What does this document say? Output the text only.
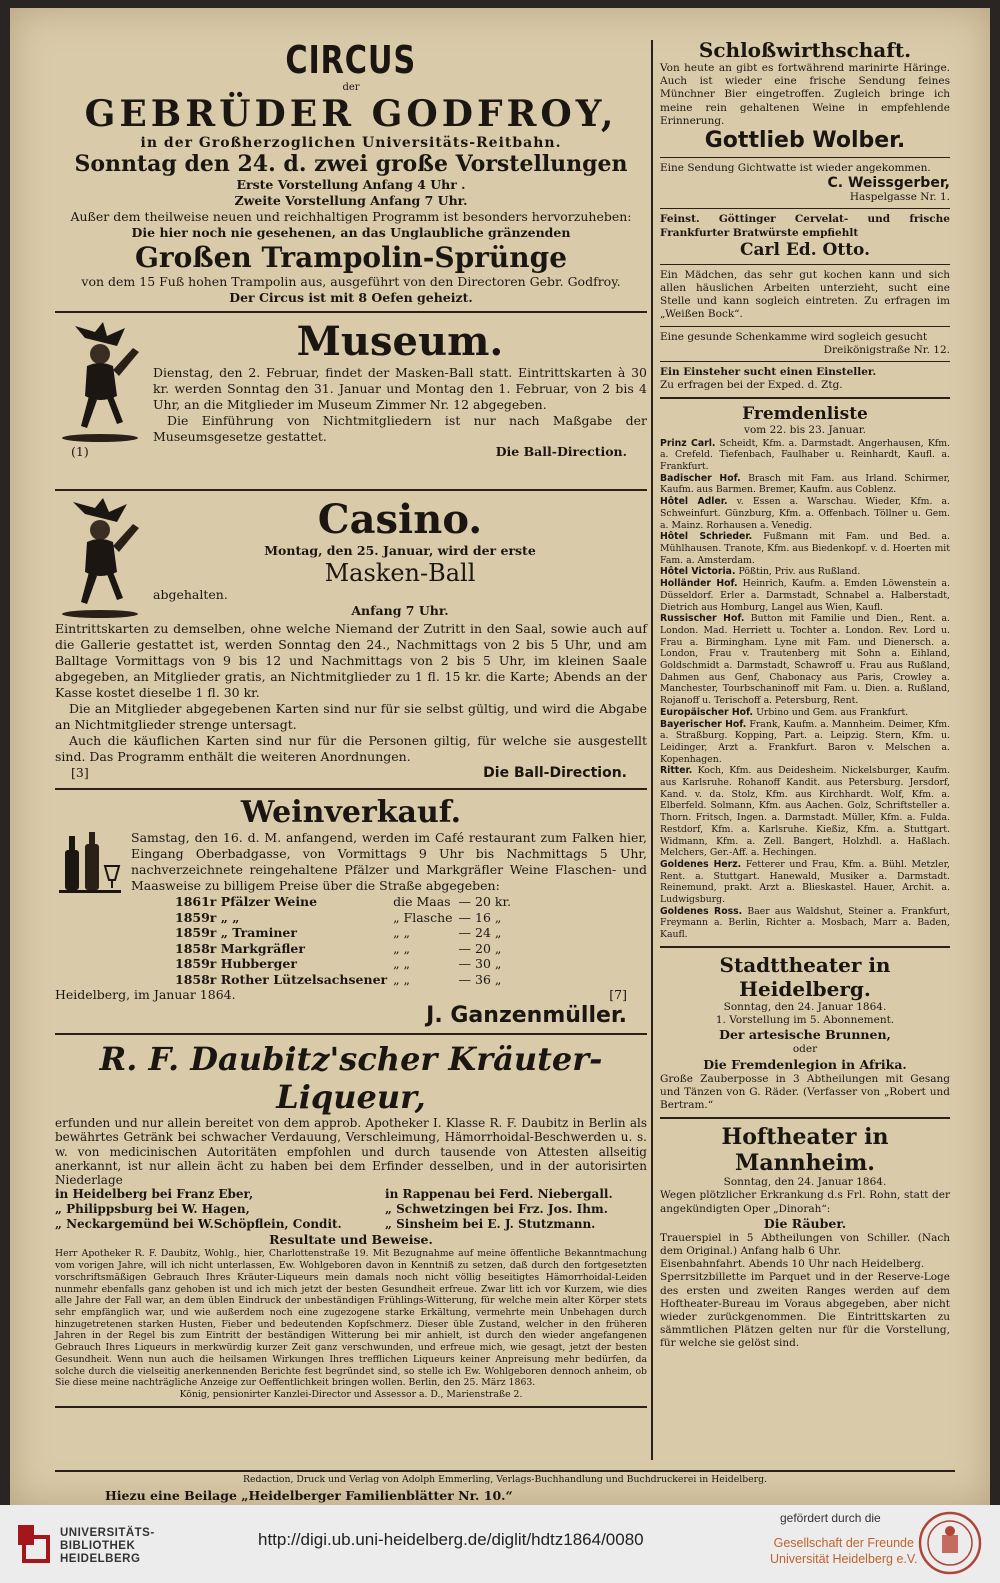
CIRCUS
der
GEBRÜDER GODFROY,
in der Großherzoglichen Universitäts-Reitbahn.
Sonntag den 24. d. zwei große Vorstellungen
Erste Vorstellung Anfang 4 Uhr .
Zweite Vorstellung Anfang 7 Uhr.
Außer dem theilweise neuen und reichhaltigen Programm ist besonders hervorzuheben:
Die hier noch nie gesehenen, an das Unglaubliche gränzenden
Großen Trampolin-Sprünge
von dem 15 Fuß hohen Trampolin aus, ausgeführt von den Directoren Gebr. Godfroy.
Der Circus ist mit 8 Oefen geheizt.
Museum.
Dienstag, den 2. Februar, findet der Masken-Ball statt. Eintrittskarten à 30 kr. werden Sonntag den 31. Januar und Montag den 1. Februar, von 2 bis 4 Uhr, an die Mitglieder im Museum Zimmer Nr. 12 abgegeben.
Die Einführung von Nichtmitgliedern ist nur nach Maßgabe der Museumsgesetze gestattet.
(1)	Die Ball-Direction.
Casino.
Montag, den 25. Januar, wird der erste
Masken-Ball
abgehalten.
Anfang 7 Uhr.
Eintrittskarten zu demselben, ohne welche Niemand der Zutritt in den Saal, sowie auch auf die Gallerie gestattet ist, werden Sonntag den 24., Nachmittags von 2 bis 5 Uhr, und am Balltage Vormittags von 9 bis 12 und Nachmittags von 2 bis 5 Uhr, im kleinen Saale abgegeben, an Mitglieder gratis, an Nichtmitglieder zu 1 fl. 15 kr. die Karte; Abends an der Kasse kostet dieselbe 1 fl. 30 kr.
Die an Mitglieder abgegebenen Karten sind nur für sie selbst gültig, und wird die Abgabe an Nichtmitglieder strenge untersagt.
Auch die käuflichen Karten sind nur für die Personen giltig, für welche sie ausgestellt sind. Das Programm enthält die weiteren Anordnungen.
[3]	Die Ball-Direction.
Weinverkauf.
Samstag, den 16. d. M. anfangend, werden im Café restaurant zum Falken hier, Eingang Oberbadgasse, von Vormittags 9 Uhr bis Nachmittags 5 Uhr, nachverzeichnete reingehaltene Pfälzer und Markgräfler Weine Flaschen- und Maasweise zu billigem Preise über die Straße abgegeben:
1861r Pfälzer Weine	die Maas	— 20 kr.
1859r „ „	„ Flasche	— 16 „
1859r „ Traminer	„ „	— 24 „
1858r Markgräfler	„ „	— 20 „
1859r Hubberger	„ „	— 30 „
1858r Rother Lützelsachsener	„ „	— 36 „
Heidelberg, im Januar 1864.	[7]
J. Ganzenmüller.
R. F. Daubitz'scher Kräuter-Liqueur,
erfunden und nur allein bereitet von dem approb. Apotheker I. Klasse R. F. Daubitz in Berlin als bewährtes Getränk bei schwacher Verdauung, Verschleimung, Hämorrhoidal-Beschwerden u. s. w. von medicinischen Autoritäten empfohlen und durch tausende von Attesten allseitig anerkannt, ist nur allein ächt zu haben bei dem Erfinder desselben, und in der autorisirten Niederlage
in Heidelberg bei Franz Eber,	in Rappenau bei Ferd. Niebergall.
„ Philippsburg bei W. Hagen,	„ Schwetzingen bei Frz. Jos. Ihm.
„ Neckargemünd bei W.Schöpflein, Condit.	„ Sinsheim bei E. J. Stutzmann.
Resultate und Beweise.
Herr Apotheker R. F. Daubitz, Wohlg., hier, Charlottenstraße 19. Mit Bezugnahme auf meine öffentliche Bekanntmachung vom vorigen Jahre, will ich nicht unterlassen, Ew. Wohlgeboren davon in Kenntniß zu setzen, daß durch den fortgesetzten vorschriftsmäßigen Gebrauch Ihres Kräuter-Liqueurs mein damals noch nicht völlig beseitigtes Hämorrhoidal-Leiden nunmehr ebenfalls ganz gehoben ist und ich mich jetzt der besten Gesundheit erfreue. Zwar litt ich vor Kurzem, wie dies alle Jahre der Fall war, an dem üblen Eindruck der unbeständigen Frühlings-Witterung, für welche mein alter Körper stets sehr empfänglich war, und wie außerdem noch eine zugezogene starke Erkältung, vermehrte mein Unbehagen durch hinzugetretenen starken Husten, Fieber und bedeutenden Kopfschmerz. Dieser üble Zustand, welcher in den früheren Jahren in der Regel bis zum Eintritt der beständigen Witterung bei mir anhielt, ist durch den wieder angefangenen Gebrauch Ihres Liqueurs in merkwürdig kurzer Zeit ganz verschwunden, und erfreue mich, wie gesagt, jetzt der besten Gesundheit. Wenn nun auch die heilsamen Wirkungen Ihres trefflichen Liqueurs keiner Anpreisung mehr bedürfen, da solche durch die vielseitig anerkennenden Berichte fest begründet sind, so stelle ich Ew. Wohlgeboren dennoch anheim, ob Sie diese meine nachträgliche Anzeige zur Oeffentlichkeit bringen wollen. Berlin, den 25. März 1863.
König, pensionirter Kanzlei-Director und Assessor a. D., Marienstraße 2.
Schloßwirthschaft.
Von heute an gibt es fortwährend marinirte Häringe. Auch ist wieder eine frische Sendung feines Münchner Bier eingetroffen. Zugleich bringe ich meine rein gehaltenen Weine in empfehlende Erinnerung.
Gottlieb Wolber.
Eine Sendung Gichtwatte ist wieder angekommen.
C. Weissgerber,
Haspelgasse Nr. 1.
Feinst. Göttinger Cervelat- und frische Frankfurter Bratwürste empfiehlt
Carl Ed. Otto.
Ein Mädchen, das sehr gut kochen kann und sich allen häuslichen Arbeiten unterzieht, sucht eine Stelle und kann sogleich eintreten. Zu erfragen im „Weißen Bock“.
Eine gesunde Schenkamme wird sogleich gesucht
Dreikönigstraße Nr. 12.
Ein Einsteher sucht einen Einsteller.
Zu erfragen bei der Exped. d. Ztg.
Fremdenliste
vom 22. bis 23. Januar.
Prinz Carl. Scheidt, Kfm. a. Darmstadt. Angerhausen, Kfm. a. Crefeld. Tiefenbach, Faulhaber u. Reinhardt, Kaufl. a. Frankfurt.
Badischer Hof. Brasch mit Fam. aus Irland. Schirmer, Kaufm. aus Barmen. Bremer, Kaufm. aus Coblenz.
Hôtel Adler. v. Essen a. Warschau. Wieder, Kfm. a. Schweinfurt. Günzburg, Kfm. a. Offenbach. Töllner u. Gem. a. Mainz. Rorhausen a. Venedig.
Hôtel Schrieder. Fußmann mit Fam. und Bed. a. Mühlhausen. Tranote, Kfm. aus Biedenkopf. v. d. Hoerten mit Fam. a. Amsterdam.
Hôtel Victoria. Pößtin, Priv. aus Rußland.
Holländer Hof. Heinrich, Kaufm. a. Emden Löwenstein a. Düsseldorf. Erler a. Darmstadt, Schnabel a. Halberstadt, Dietrich aus Homburg, Langel aus Wien, Kaufl.
Russischer Hof. Button mit Familie und Dien., Rent. a. London. Mad. Herriett u. Tochter a. London. Rev. Lord u. Frau a. Birmingham. Lyne mit Fam. und Dienersch. a. London, Frau v. Trautenberg mit Sohn a. Eihland, Goldschmidt a. Darmstadt, Schawroff u. Frau aus Rußland, Dahmen aus Genf, Chabonacy aus Paris, Crowley a. Manchester, Tourbschaninoff mit Fam. u. Dien. a. Rußland, Rojanoff u. Terischoff a. Petersburg, Rent.
Europäischer Hof. Urbino und Gem. aus Frankfurt.
Bayerischer Hof. Frank, Kaufm. a. Mannheim. Deimer, Kfm. a. Straßburg. Kopping, Part. a. Leipzig. Stern, Kfm. u. Leidinger, Arzt a. Frankfurt. Baron v. Melschen a. Kopenhagen.
Ritter. Koch, Kfm. aus Deidesheim. Nickelsburger, Kaufm. aus Karlsruhe. Rohanoff Kandit. aus Petersburg. Jersdorf, Kand. v. da. Stolz, Kfm. aus Kirchhardt. Wolf, Kfm. a. Elberfeld. Solmann, Kfm. aus Aachen. Golz, Schriftsteller a. Thorn. Fritsch, Ingen. a. Darmstadt. Müller, Kfm. a. Fulda. Restdorf, Kfm. a. Karlsruhe. Kießiz, Kfm. a. Stuttgart. Widmann, Kfm. a. Zell. Bangert, Holzhdl. a. Haßlach. Melchers, Ger.-Aff. a. Hechingen.
Goldenes Herz. Fetterer und Frau, Kfm. a. Bühl. Metzler, Rent. a. Stuttgart. Hanewald, Musiker a. Darmstadt. Reinemund, prakt. Arzt a. Blieskastel. Hauer, Archit. a. Ludwigsburg.
Goldenes Ross. Baer aus Waldshut, Steiner a. Frankfurt, Freymann a. Berlin, Richter a. Mosbach, Marr a. Baden, Kaufl.
Stadttheater in Heidelberg.
Sonntag, den 24. Januar 1864.
1. Vorstellung im 5. Abonnement.
Der artesische Brunnen,
oder
Die Fremdenlegion in Afrika.
Große Zauberposse in 3 Abtheilungen mit Gesang und Tänzen von G. Räder. (Verfasser von „Robert und Bertram.“
Hoftheater in Mannheim.
Sonntag, den 24. Januar 1864.
Wegen plötzlicher Erkrankung d.s Frl. Rohn, statt der angekündigten Oper „Dinorah“:
Die Räuber.
Trauerspiel in 5 Abtheilungen von Schiller. (Nach dem Original.) Anfang halb 6 Uhr.
Eisenbahnfahrt. Abends 10 Uhr nach Heidelberg.
Sperrsitzbillette im Parquet und in der Reserve-Loge des ersten und zweiten Ranges werden auf dem Hoftheater-Bureau im Voraus abgegeben, aber nicht wieder zurückgenommen. Die Eintrittskarten zu sämmtlichen Plätzen gelten nur für die Vorstellung, für welche sie gelöst sind.
Redaction, Druck und Verlag von Adolph Emmerling, Verlags-Buchhandlung und Buchdruckerei in Heidelberg.
Hiezu eine Beilage „Heidelberger Familienblätter Nr. 10.“
UNIVERSITÄTS-
BIBLIOTHEK
HEIDELBERG
http://digi.ub.uni-heidelberg.de/diglit/hdtz1864/0080
gefördert durch die
Gesellschaft der Freunde
Universität Heidelberg e.V.
